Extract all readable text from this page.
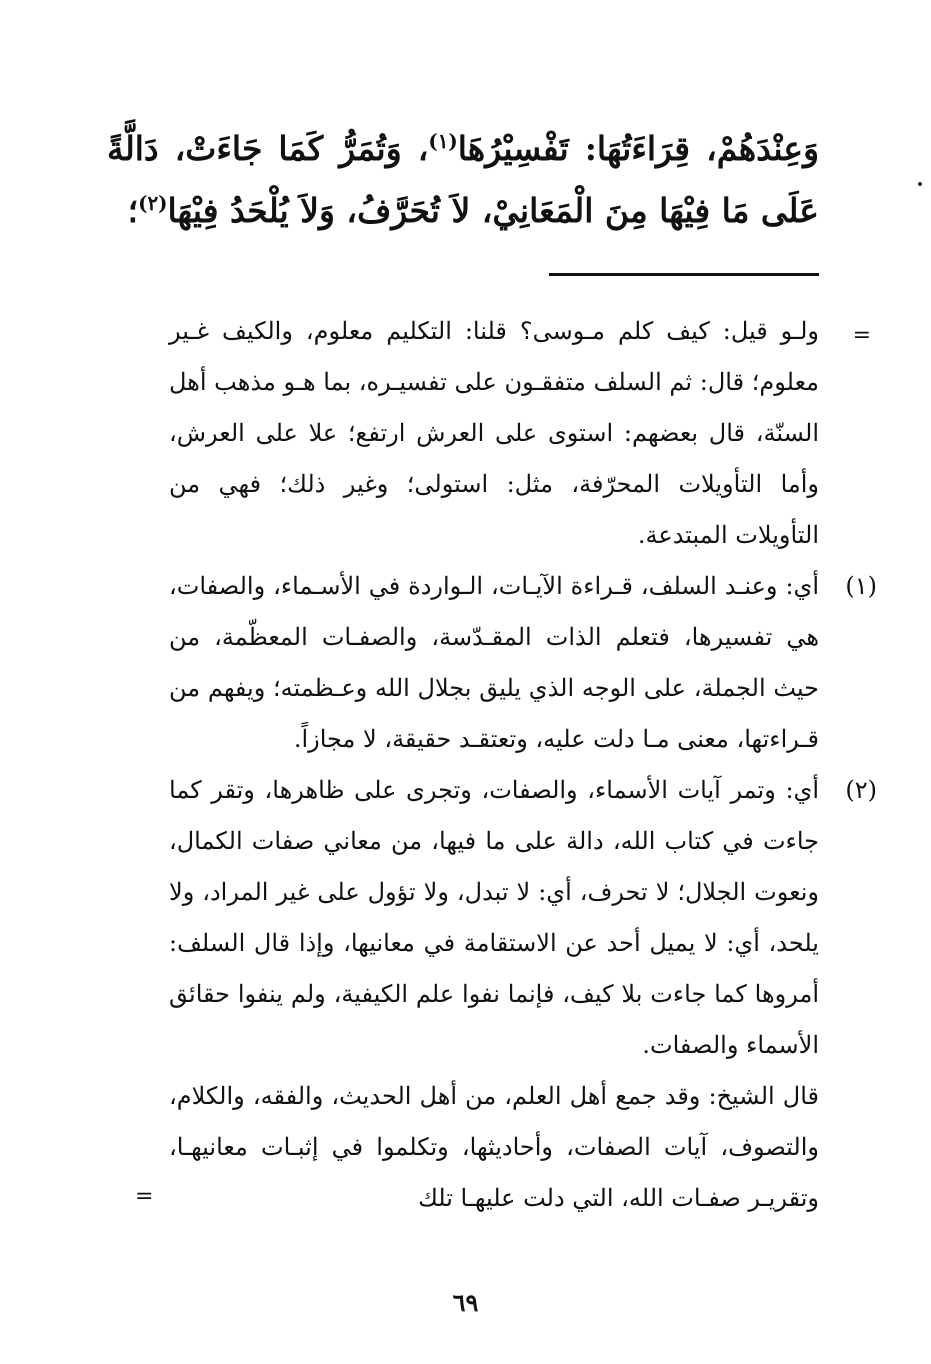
وَعِنْدَهُمْ، قِرَاءَتُهَا: تَفْسِيْرُهَا$^{(١)}$، وَتُمَرُّ كَمَا جَاءَتْ، دَالَّةً عَلَى مَا فِيْهَا مِنَ الْمَعَانِيْ، لاَ تُحَرَّفُ، وَلاَ يُلْحَدُ فِيْهَا$^{(٢)}$؛
=
ولـو قيل: كيف كلم مـوسى؟ قلنا: التكليم معلوم، والكيف غـير معلوم؛ قال: ثم السلف متفقـون على تفسيـره، بما هـو مذهب أهل السنّة، قال بعضهم: استوى على العرش ارتفع؛ علا على العرش، وأما التأويلات المحرّفة، مثل: استولى؛ وغير ذلك؛ فهي من التأويلات المبتدعة.
(١)
أي: وعنـد السلف، قـراءة الآيـات، الـواردة في الأسـماء، والصفات، هي تفسيرها، فتعلم الذات المقـدّسة، والصفـات المعظّمة، من حيث الجملة، على الوجه الذي يليق بجلال الله وعـظمته؛ ويفهم من قـراءتها، معنى مـا دلت عليه، وتعتقـد حقيقة، لا مجازاً.
(٢)
أي: وتمر آيات الأسماء، والصفات، وتجرى على ظاهرها، وتقر كما جاءت في كتاب الله، دالة على ما فيها، من معاني صفات الكمال، ونعوت الجلال؛ لا تحرف، أي: لا تبدل، ولا تؤول على غير المراد، ولا يلحد، أي: لا يميل أحد عن الاستقامة في معانيها، وإذا قال السلف: أمروها كما جاءت بلا كيف، فإنما نفوا علم الكيفية، ولم ينفوا حقائق الأسماء والصفات.
قال الشيخ: وقد جمع أهل العلم، من أهل الحديث، والفقه، والكلام، والتصوف، آيات الصفات، وأحاديثها، وتكلموا في إثبـات معانيهـا، وتقريـر صفـات الله، التي دلت عليهـا تلك
=
٦٩
